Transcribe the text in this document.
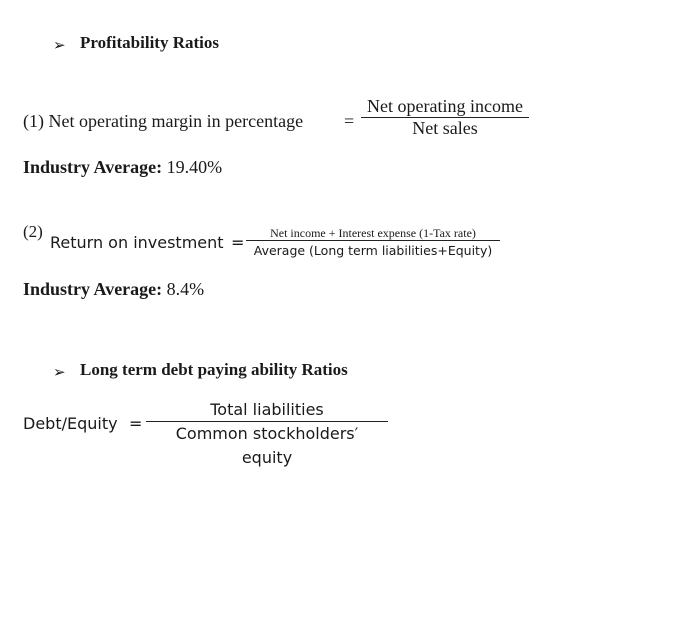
➢ Profitability Ratios
(1) Net operating margin in percentage =
Net operating income
Net sales
Industry Average: 19.40%
(2)
Return on investment =	Net income + Interest expense (1-Tax rate)
Average (Long term liabilities+Equity)
Industry Average: 8.4%
➢ Long term debt paying ability Ratios
Debt/Equity =
Total liabilities
Common stockholders′ equity
